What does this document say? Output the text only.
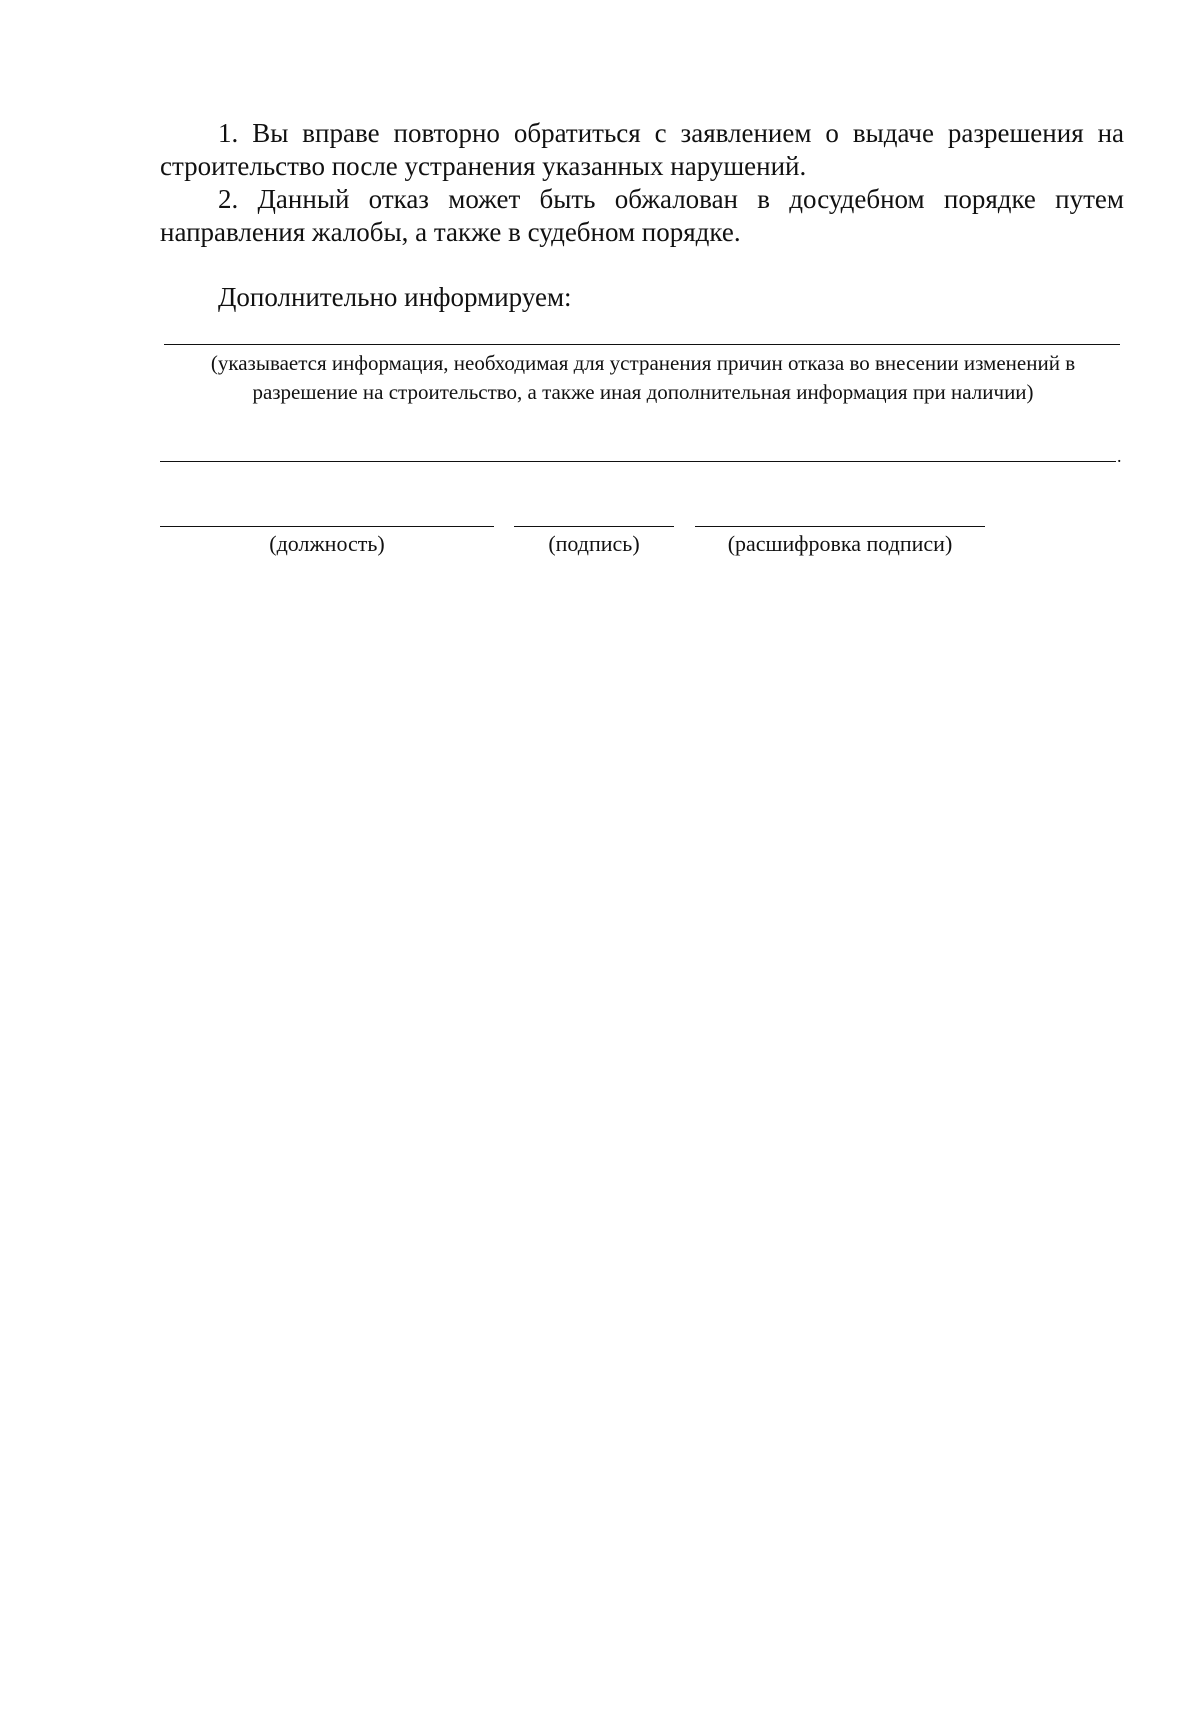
1. Вы вправе повторно обратиться с заявлением о выдаче разрешения на строительство после устранения указанных нарушений.

2. Данный отказ может быть обжалован в досудебном порядке путем направления жалобы, а также в судебном порядке.

Дополнительно информируем:

(указывается информация, необходимая для устранения причин отказа во внесении изменений в разрешение на строительство, а также иная дополнительная информация при наличии)

.

(должность)	(подпись)	(расшифровка подписи)
